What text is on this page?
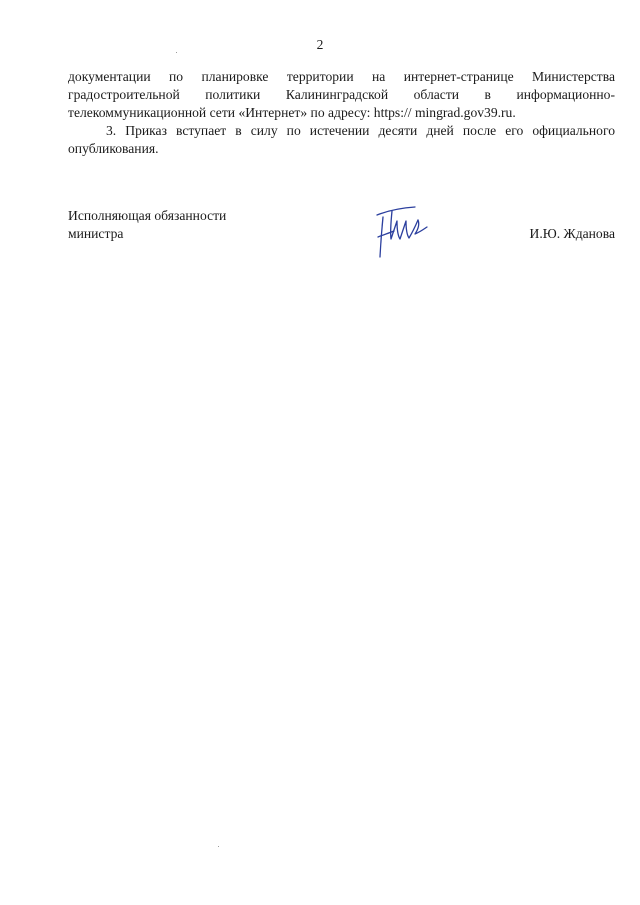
2

документации по планировке территории на интернет-странице Министерства
градостроительной политики Калининградской области в информационно-
телекоммуникационной сети «Интернет» по адресу: https:// mingrad.gov39.ru.

3. Приказ вступает в силу по истечении десяти дней после его официального
опубликования.

Исполняющая обязанности
министра	И.Ю. Жданова
